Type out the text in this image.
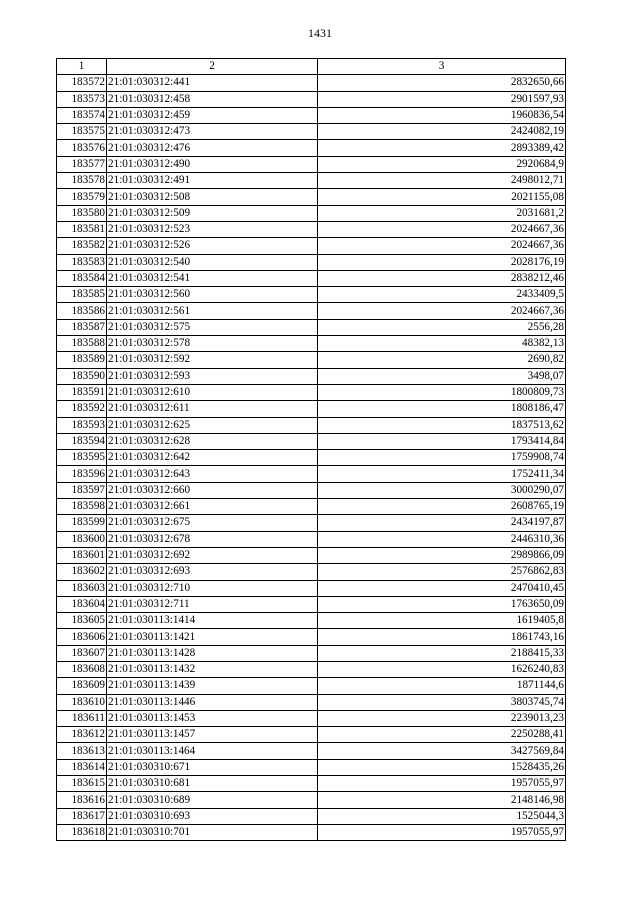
1431
1	2	3
183572	21:01:030312:441	2832650,66
183573	21:01:030312:458	2901597,93
183574	21:01:030312:459	1960836,54
183575	21:01:030312:473	2424082,19
183576	21:01:030312:476	2893389,42
183577	21:01:030312:490	2920684,9
183578	21:01:030312:491	2498012,71
183579	21:01:030312:508	2021155,08
183580	21:01:030312:509	2031681,2
183581	21:01:030312:523	2024667,36
183582	21:01:030312:526	2024667,36
183583	21:01:030312:540	2028176,19
183584	21:01:030312:541	2838212,46
183585	21:01:030312:560	2433409,5
183586	21:01:030312:561	2024667,36
183587	21:01:030312:575	2556,28
183588	21:01:030312:578	48382,13
183589	21:01:030312:592	2690,82
183590	21:01:030312:593	3498,07
183591	21:01:030312:610	1800809,73
183592	21:01:030312:611	1808186,47
183593	21:01:030312:625	1837513,62
183594	21:01:030312:628	1793414,84
183595	21:01:030312:642	1759908,74
183596	21:01:030312:643	1752411,34
183597	21:01:030312:660	3000290,07
183598	21:01:030312:661	2608765,19
183599	21:01:030312:675	2434197,87
183600	21:01:030312:678	2446310,36
183601	21:01:030312:692	2989866,09
183602	21:01:030312:693	2576862,83
183603	21:01:030312:710	2470410,45
183604	21:01:030312:711	1763650,09
183605	21:01:030113:1414	1619405,8
183606	21:01:030113:1421	1861743,16
183607	21:01:030113:1428	2188415,33
183608	21:01:030113:1432	1626240,83
183609	21:01:030113:1439	1871144,6
183610	21:01:030113:1446	3803745,74
183611	21:01:030113:1453	2239013,23
183612	21:01:030113:1457	2250288,41
183613	21:01:030113:1464	3427569,84
183614	21:01:030310:671	1528435,26
183615	21:01:030310:681	1957055,97
183616	21:01:030310:689	2148146,98
183617	21:01:030310:693	1525044,3
183618	21:01:030310:701	1957055,97
